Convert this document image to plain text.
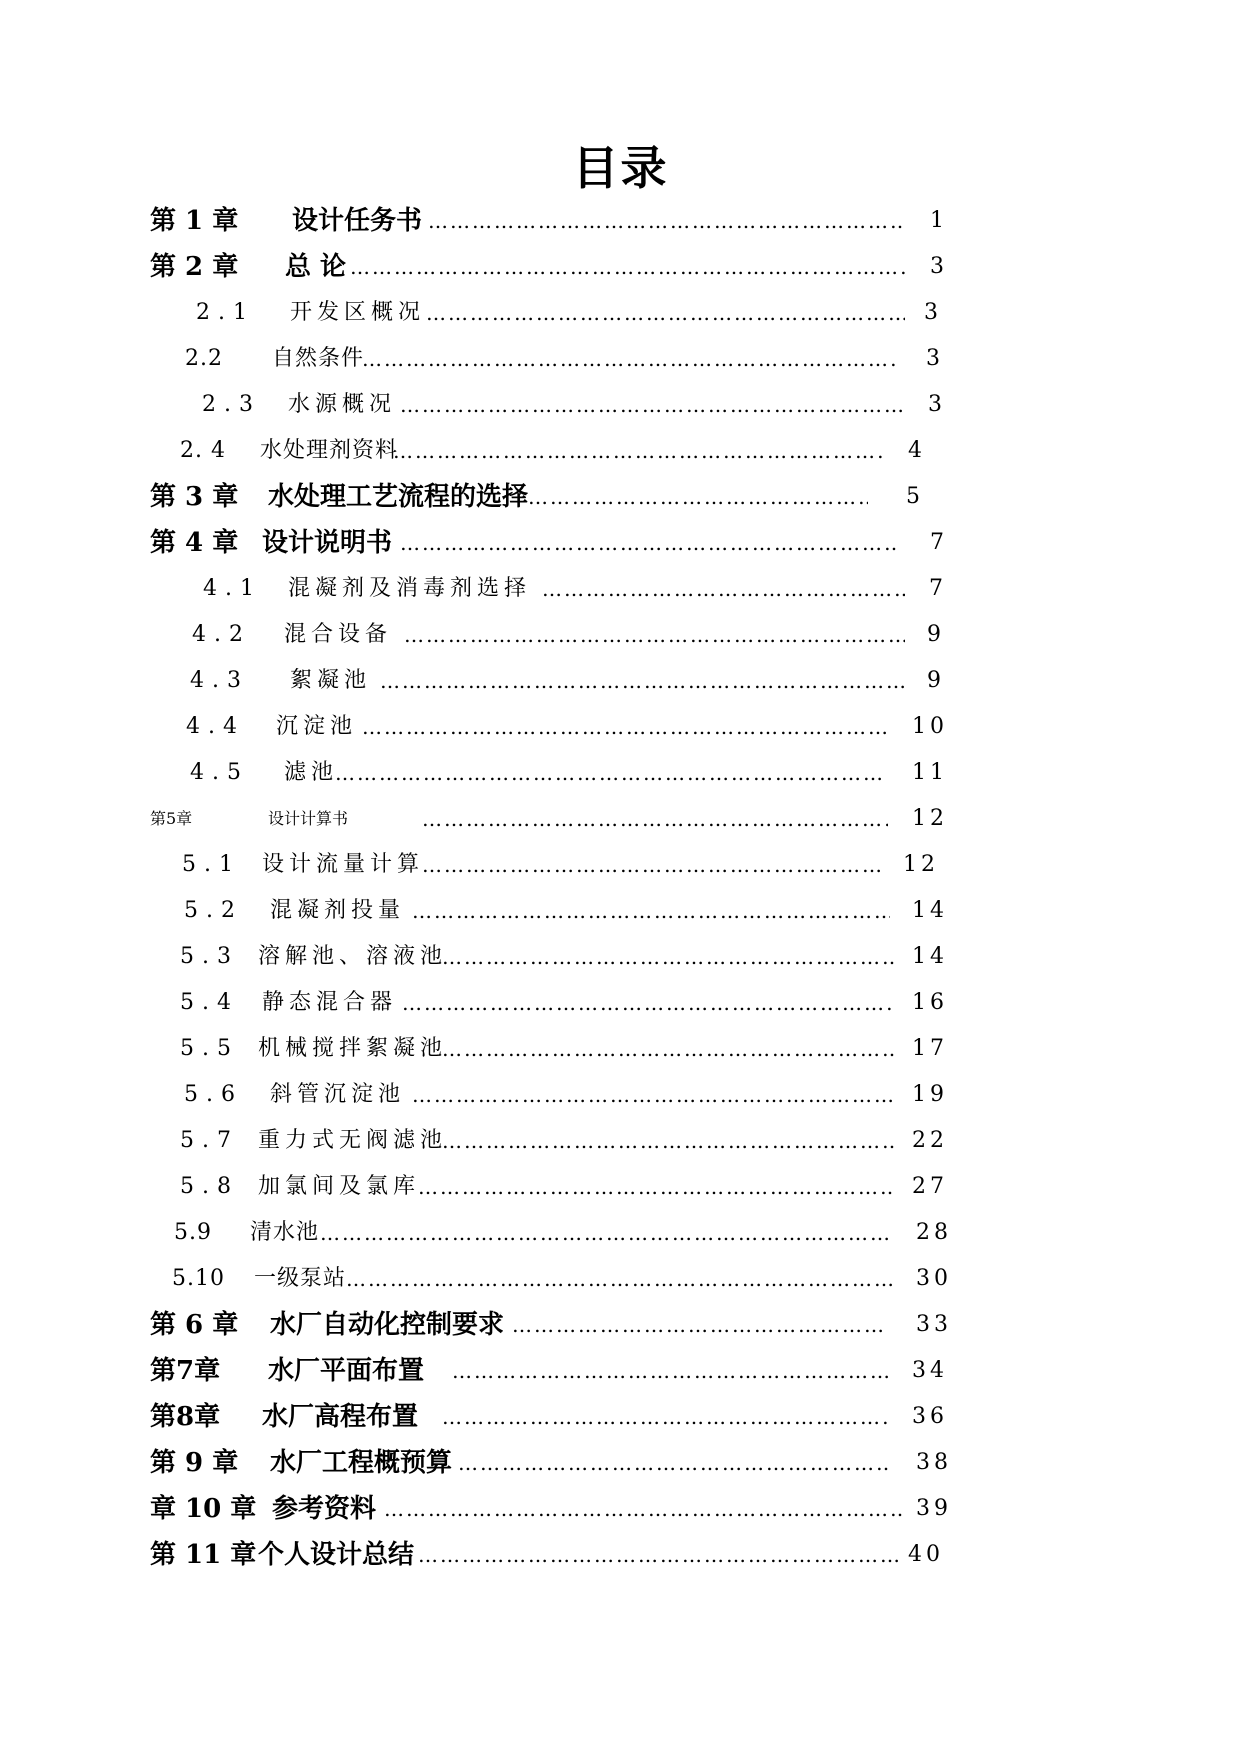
目录
第 1 章 设计任务书 ……………………………………………………………………………………………………………………………………………………………………	1
第 2 章 总 论 ……………………………………………………………………………………………………………………………………………………………………	3
2.1 开发区概况 ……………………………………………………………………………………………………………………………………………………………………	3
2.2 自然条件 ……………………………………………………………………………………………………………………………………………………………………	3
2.3 水源概况 ……………………………………………………………………………………………………………………………………………………………………	3
2. 4 水处理剂资料 ……………………………………………………………………………………………………………………………………………………………………	4
第 3 章 水处理工艺流程的选择 ……………………………………………………………………………………………………………………………………………………………………	5
第 4 章 设计说明书 ……………………………………………………………………………………………………………………………………………………………………	7
4.1 混凝剂及消毒剂选择 ……………………………………………………………………………………………………………………………………………………………………	7
4.2 混合设备 ……………………………………………………………………………………………………………………………………………………………………	9
4.3 絮凝池 ……………………………………………………………………………………………………………………………………………………………………	9
4.4 沉淀池 ……………………………………………………………………………………………………………………………………………………………………	10
4.5 滤池 ……………………………………………………………………………………………………………………………………………………………………	11
第5章	设计计算书 ……………………………………………………………………………………………………………………………………………………………………	12
5.1 设计流量计算 ……………………………………………………………………………………………………………………………………………………………………	12
5.2 混凝剂投量 ……………………………………………………………………………………………………………………………………………………………………	14
5.3 溶解池、溶液池 ……………………………………………………………………………………………………………………………………………………………………	14
5.4 静态混合器 ……………………………………………………………………………………………………………………………………………………………………	16
5.5 机械搅拌絮凝池 ……………………………………………………………………………………………………………………………………………………………………	17
5.6 斜管沉淀池 ……………………………………………………………………………………………………………………………………………………………………	19
5.7 重力式无阀滤池 ……………………………………………………………………………………………………………………………………………………………………	22
5.8 加氯间及氯库 ……………………………………………………………………………………………………………………………………………………………………	27
5.9 清水池 ……………………………………………………………………………………………………………………………………………………………………	28
5.10 一级泵站 ……………………………………………………………………………………………………………………………………………………………………	30
第 6 章 水厂自动化控制要求 ……………………………………………………………………………………………………………………………………………………………………	33
第7章 水厂平面布置 ……………………………………………………………………………………………………………………………………………………………………	34
第8章 水厂高程布置 ……………………………………………………………………………………………………………………………………………………………………	36
第 9 章 水厂工程概预算 ……………………………………………………………………………………………………………………………………………………………………	38
章 10 章 参考资料 ……………………………………………………………………………………………………………………………………………………………………	39
第 11 章 个人设计总结 ……………………………………………………………………………………………………………………………………………………………………	40
